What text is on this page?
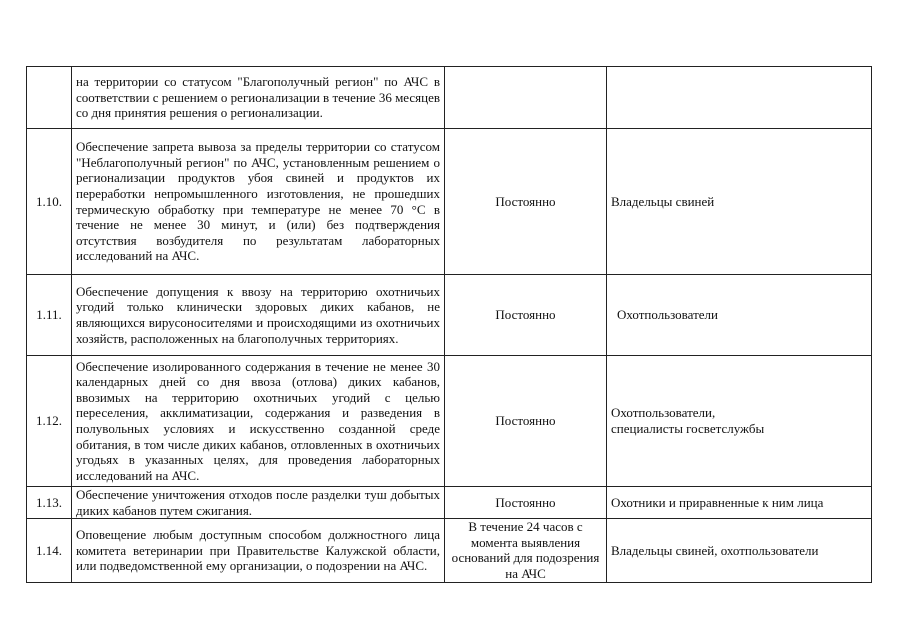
	на территории со статусом "Благополучный регион" по АЧС в соответствии с решением о регионализации в течение 36 месяцев со дня принятия решения о регионализации.		
1.10.	Обеспечение запрета вывоза за пределы территории со статусом "Неблагополучный регион" по АЧС, установленным решением о регионализации продуктов убоя свиней и продуктов их переработки непромышленного изготовления, не прошедших термическую обработку при температуре не менее 70 °С в течение не менее 30 минут, и (или) без подтверждения отсутствия возбудителя по результатам лабораторных исследований на АЧС.	Постоянно	Владельцы свиней
1.11.	Обеспечение допущения к ввозу на территорию охотничьих угодий только клинически здоровых диких кабанов, не являющихся вирусоносителями и происходящими из охотничьих хозяйств, расположенных на благополучных территориях.	Постоянно	Охотпользователи
1.12.	Обеспечение изолированного содержания в течение не менее 30 календарных дней со дня ввоза (отлова) диких кабанов, ввозимых на территорию охотничьих угодий с целью переселения, акклиматизации, содержания и разведения в полувольных условиях и искусственно созданной среде обитания, в том числе диких кабанов, отловленных в охотничьих угодьях в указанных целях, для проведения лабораторных исследований на АЧС.	Постоянно	Охотпользователи,
специалисты госветслужбы

1.13.	Обеспечение уничтожения отходов после разделки туш добытых диких кабанов путем сжигания.	Постоянно	Охотники и приравненные к ним лица
1.14.	Оповещение любым доступным способом должностного лица комитета ветеринарии при Правительстве Калужской области, или подведомственной ему организации, о подозрении на АЧС.	В течение 24 часов с момента выявления оснований для подозрения на АЧС	Владельцы свиней, охотпользователи
